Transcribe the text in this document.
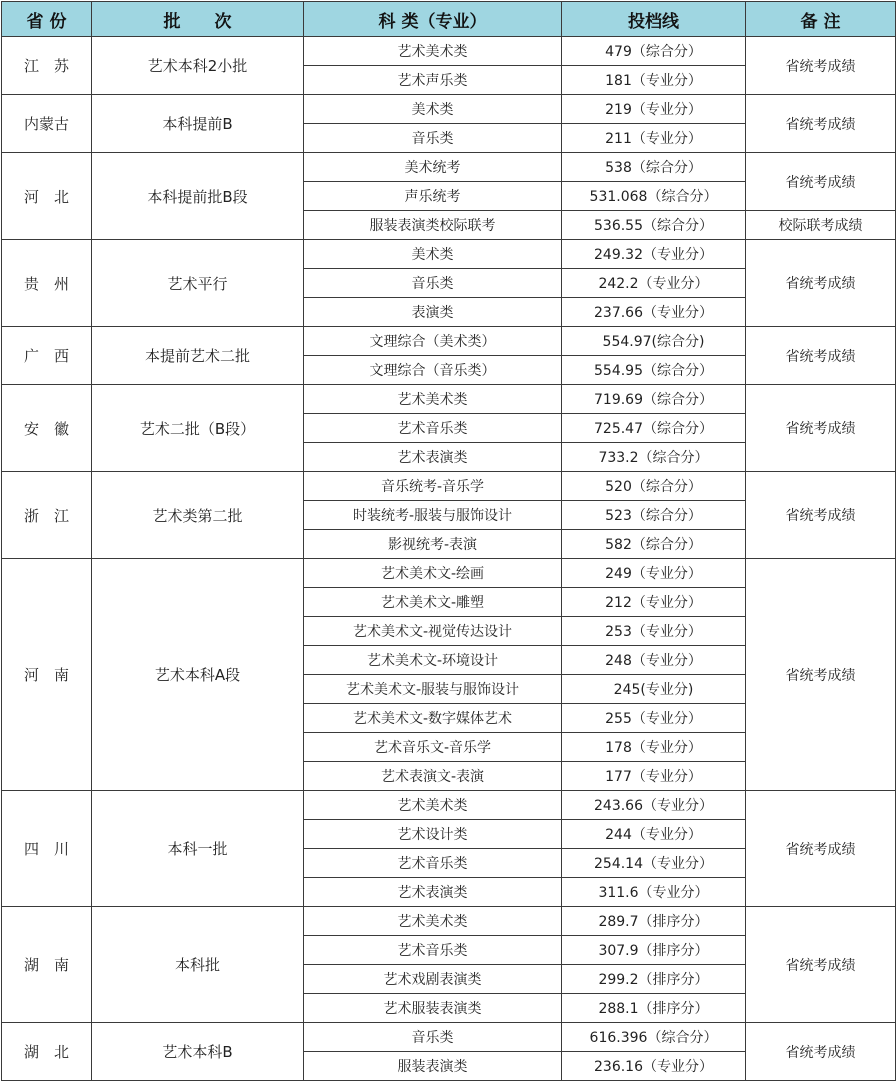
省 份	批　　次	科 类（专业）	投档线	备 注
江　苏	艺术本科2小批	艺术美术类	479（综合分）	省统考成绩
		艺术声乐类	181（专业分）	
内蒙古	本科提前B	美术类	219（专业分）	省统考成绩
		音乐类	211（专业分）	
河　北	本科提前批B段	美术统考	538（综合分）	省统考成绩
		声乐统考	531.068（综合分）	
		服装表演类校际联考	536.55（综合分）	校际联考成绩
贵　州	艺术平行	美术类	249.32（专业分）	省统考成绩
		音乐类	242.2（专业分）	
		表演类	237.66（专业分）	
广　西	本提前艺术二批	文理综合（美术类）	554.97(综合分)	省统考成绩
		文理综合（音乐类）	554.95（综合分）	
安　徽	艺术二批（B段）	艺术美术类	719.69（综合分）	省统考成绩
		艺术音乐类	725.47（综合分）	
		艺术表演类	733.2（综合分）	
浙　江	艺术类第二批	音乐统考-音乐学	520（综合分）	省统考成绩
		时装统考-服装与服饰设计	523（综合分）	
		影视统考-表演	582（综合分）	
河　南	艺术本科A段	艺术美术文-绘画	249（专业分）	省统考成绩
		艺术美术文-雕塑	212（专业分）	
		艺术美术文-视觉传达设计	253（专业分）	
		艺术美术文-环境设计	248（专业分）	
		艺术美术文-服装与服饰设计	245(专业分)	
		艺术美术文-数字媒体艺术	255（专业分）	
		艺术音乐文-音乐学	178（专业分）	
		艺术表演文-表演	177（专业分）	
四　川	本科一批	艺术美术类	243.66（专业分）	省统考成绩
		艺术设计类	244（专业分）	
		艺术音乐类	254.14（专业分）	
		艺术表演类	311.6（专业分）	
湖　南	本科批	艺术美术类	289.7（排序分）	省统考成绩
		艺术音乐类	307.9（排序分）	
		艺术戏剧表演类	299.2（排序分）	
		艺术服装表演类	288.1（排序分）	
湖　北	艺术本科B	音乐类	616.396（综合分）	省统考成绩
		服装表演类	236.16（专业分）	
